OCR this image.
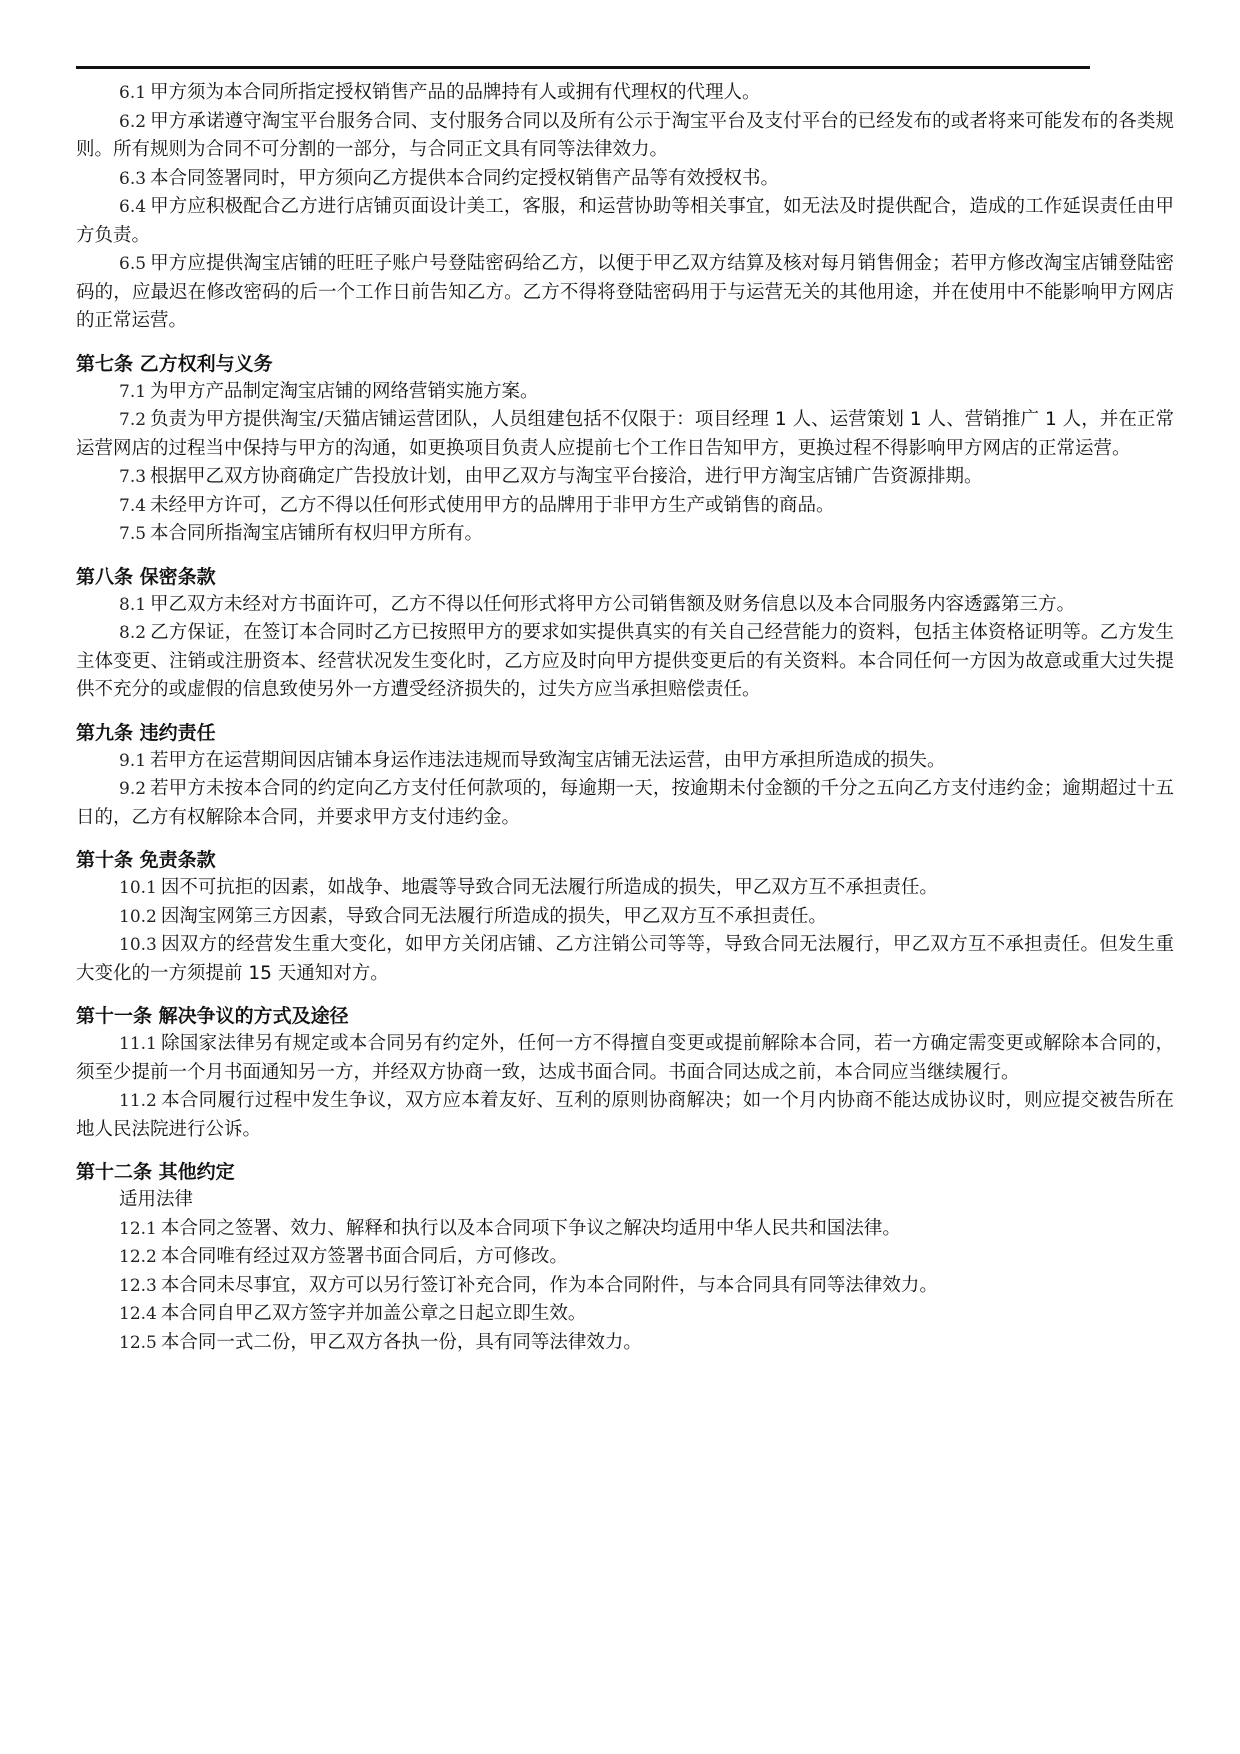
6.1 甲方须为本合同所指定授权销售产品的品牌持有人或拥有代理权的代理人。

6.2 甲方承诺遵守淘宝平台服务合同、支付服务合同以及所有公示于淘宝平台及支付平台的已经发布的或者将来可能发布的各类规则。所有规则为合同不可分割的一部分，与合同正文具有同等法律效力。

6.3 本合同签署同时，甲方须向乙方提供本合同约定授权销售产品等有效授权书。

6.4 甲方应积极配合乙方进行店铺页面设计美工，客服，和运营协助等相关事宜，如无法及时提供配合，造成的工作延误责任由甲方负责。

6.5 甲方应提供淘宝店铺的旺旺子账户号登陆密码给乙方，以便于甲乙双方结算及核对每月销售佣金；若甲方修改淘宝店铺登陆密码的，应最迟在修改密码的后一个工作日前告知乙方。乙方不得将登陆密码用于与运营无关的其他用途，并在使用中不能影响甲方网店的正常运营。

第七条 乙方权利与义务

7.1 为甲方产品制定淘宝店铺的网络营销实施方案。

7.2 负责为甲方提供淘宝/天猫店铺运营团队，人员组建包括不仅限于：项目经理 1 人、运营策划 1 人、营销推广 1 人，并在正常运营网店的过程当中保持与甲方的沟通，如更换项目负责人应提前七个工作日告知甲方，更换过程不得影响甲方网店的正常运营。

7.3 根据甲乙双方协商确定广告投放计划，由甲乙双方与淘宝平台接洽，进行甲方淘宝店铺广告资源排期。

7.4 未经甲方许可，乙方不得以任何形式使用甲方的品牌用于非甲方生产或销售的商品。

7.5 本合同所指淘宝店铺所有权归甲方所有。

第八条 保密条款

8.1 甲乙双方未经对方书面许可，乙方不得以任何形式将甲方公司销售额及财务信息以及本合同服务内容透露第三方。

8.2 乙方保证，在签订本合同时乙方已按照甲方的要求如实提供真实的有关自己经营能力的资料，包括主体资格证明等。乙方发生主体变更、注销或注册资本、经营状况发生变化时，乙方应及时向甲方提供变更后的有关资料。本合同任何一方因为故意或重大过失提供不充分的或虚假的信息致使另外一方遭受经济损失的，过失方应当承担赔偿责任。

第九条 违约责任

9.1 若甲方在运营期间因店铺本身运作违法违规而导致淘宝店铺无法运营，由甲方承担所造成的损失。

9.2 若甲方未按本合同的约定向乙方支付任何款项的，每逾期一天，按逾期未付金额的千分之五向乙方支付违约金；逾期超过十五日的，乙方有权解除本合同，并要求甲方支付违约金。

第十条 免责条款

10.1 因不可抗拒的因素，如战争、地震等导致合同无法履行所造成的损失，甲乙双方互不承担责任。

10.2 因淘宝网第三方因素，导致合同无法履行所造成的损失，甲乙双方互不承担责任。

10.3 因双方的经营发生重大变化，如甲方关闭店铺、乙方注销公司等等，导致合同无法履行，甲乙双方互不承担责任。但发生重大变化的一方须提前 15 天通知对方。

第十一条 解决争议的方式及途径

11.1 除国家法律另有规定或本合同另有约定外，任何一方不得擅自变更或提前解除本合同，若一方确定需变更或解除本合同的，须至少提前一个月书面通知另一方，并经双方协商一致，达成书面合同。书面合同达成之前，本合同应当继续履行。

11.2 本合同履行过程中发生争议，双方应本着友好、互利的原则协商解决；如一个月内协商不能达成协议时，则应提交被告所在地人民法院进行公诉。

第十二条 其他约定

适用法律

12.1 本合同之签署、效力、解释和执行以及本合同项下争议之解决均适用中华人民共和国法律。

12.2 本合同唯有经过双方签署书面合同后，方可修改。

12.3 本合同未尽事宜，双方可以另行签订补充合同，作为本合同附件，与本合同具有同等法律效力。

12.4 本合同自甲乙双方签字并加盖公章之日起立即生效。

12.5 本合同一式二份，甲乙双方各执一份，具有同等法律效力。
